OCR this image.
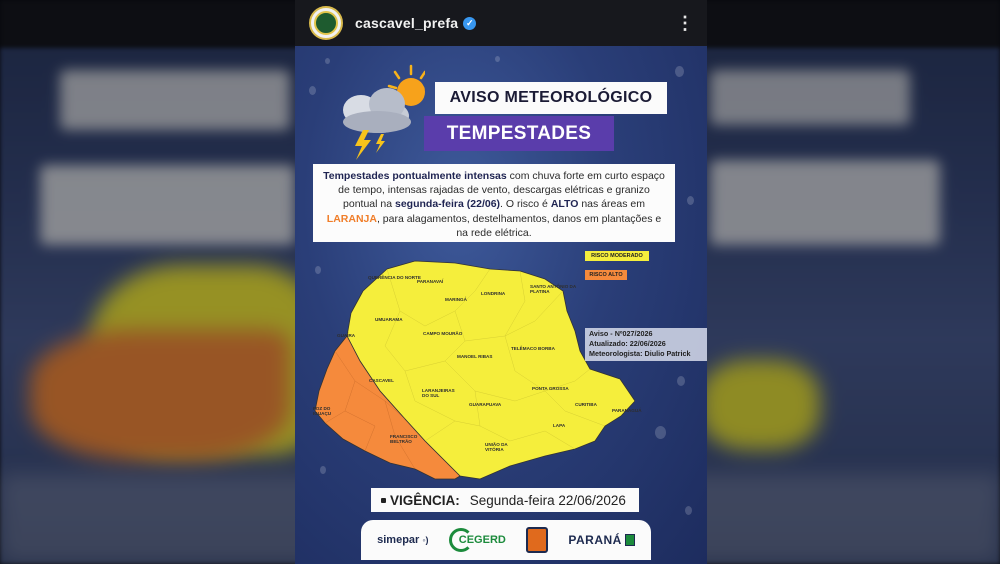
cascavel_prefa ✓	⋮
AVISO METEOROLÓGICO
TEMPESTADES
Tempestades pontualmente intensas com chuva forte em curto espaço de tempo, intensas rajadas de vento, descargas elétricas e granizo pontual na segunda-feira (22/06). O risco é ALTO nas áreas em LARANJA, para alagamentos, destelhamentos, danos em plantações e na rede elétrica.
QUERÊNCIA DO NORTE
PARANAVAÍ
SANTO ANTÔNIO DA PLATINA
LONDRINA
MARINGÁ
UMUARAMA
CAMPO MOURÃO
GUAÍRA
TELÊMACO BORBA
MANOEL RIBAS
CASCAVEL
PONTA GROSSA
LARANJEIRAS DO SUL
GUARAPUAVA	CURITIBA
PARANAGUÁ
FOZ DO IGUAÇU
LAPA
FRANCISCO BELTRÃO
UNIÃO DA VITÓRIA
RISCO MODERADO
RISCO ALTO
Aviso - Nº027/2026
Atualizado: 22/06/2026
Meteorologista: Diulio Patrick
VIGÊNCIA: Segunda-feira 22/06/2026
simepar ◦)	CEGERD	PARANÁ
